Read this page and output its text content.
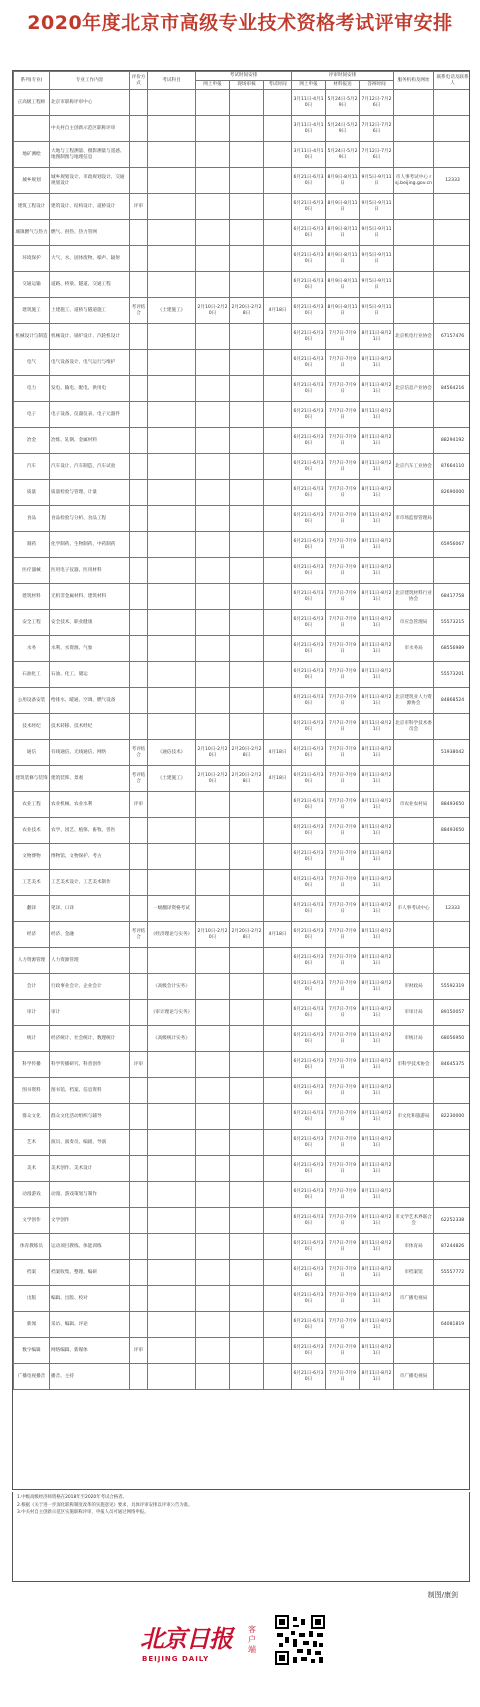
2020年度北京市高级专业技术资格考试评审安排
系列(专业)	专业工作内容	评价方式	考试科目	考试时间安排			评审时间安排			服务机构及网址	联系电话及联系人
				网上申报	现场审核	考试时间	网上申报	材料报送	答辩时间		
正高级工程师	北京市职称评审中心						3月11日-4月10日	5月24日-5月29日	7月12日-7月26日		
	中关村自主创新示范区职称评审						3月11日-4月10日	5月24日-5月29日	7月12日-7月26日		
地矿测绘	大地与工程测量、摄影测量与遥感、地图制图与地理信息						3月11日-4月10日	5月24日-5月29日	7月12日-7月26日		
城乡规划	城乡规划设计、市政规划设计、交通规划设计						6月21日-6月30日	8月9日-8月11日	9月5日-9月11日	市人事考试中心 rsj.beijing.gov.cn	12333
建筑工程设计	建筑设计、结构设计、道桥设计	评审					6月21日-6月30日	8月9日-8月11日	9月5日-9月11日		
城镇燃气与热力	燃气、供热、热力管网						6月21日-6月30日	8月9日-8月11日	9月5日-9月11日		
环境保护	大气、水、固体废物、噪声、辐射						6月21日-6月30日	8月9日-8月11日	9月5日-9月11日		
交通运输	道路、桥梁、隧道、交通工程						6月21日-6月30日	8月9日-8月11日	9月5日-9月11日		
建筑施工	土建施工、道桥与隧道施工	考评结合	《土建施工》	2月10日-2月20日	2月20日-2月28日	4月18日	6月21日-6月30日	8月9日-8月11日	9月5日-9月11日		
机械设计与制造	机械设计、锅炉设计、汽轮机设计						6月21日-6月30日	7月7日-7月9日	8月11日-8月21日	北京机电行业协会	67157476
电气	电气设备设计、电气运行与维护						6月21日-6月30日	7月7日-7月9日	8月11日-8月21日		
电力	发电、输电、配电、供用电						6月21日-6月30日	7月7日-7月9日	8月11日-8月21日	北京信息产业协会	84564216
电子	电子设备、仪器仪表、电子元器件						6月21日-6月30日	7月7日-7月9日	8月11日-8月21日		
冶金	冶炼、轧钢、金属材料						6月21日-6月30日	7月7日-7月9日	8月11日-8月21日		88294192
汽车	汽车设计、汽车制造、汽车试验						6月21日-6月30日	7月7日-7月9日	8月11日-8月21日	北京汽车工业协会	87664110
质量	质量检验与管理、计量						6月21日-6月30日	7月7日-7月9日	8月11日-8月21日		82690000
食品	食品检验与分析、食品工程						6月21日-6月30日	7月7日-7月9日	8月11日-8月21日	市市场监督管理局	
制药	化学制药、生物制药、中药制药						6月21日-6月30日	7月7日-7月9日	8月11日-8月21日		65956067
医疗器械	医用电子仪器、医用材料						6月21日-6月30日	7月7日-7月9日	8月11日-8月21日		
建筑材料	无机非金属材料、建筑材料						6月21日-6月30日	7月7日-7月9日	8月11日-8月21日	北京建筑材料行业协会	68417758
安全工程	安全技术、职业健康						6月21日-6月30日	7月7日-7月9日	8月11日-8月21日	市应急管理局	55573215
水务	水利、水资源、气象						6月21日-6月30日	7月7日-7月9日	8月11日-8月21日	市水务局	68556989
石油化工	石油、化工、储运						6月21日-6月30日	7月7日-7月9日	8月11日-8月21日		55573201
公用设备安装	给排水、暖通、空调、燃气设备						6月21日-6月30日	7月7日-7月9日	8月11日-8月21日	北京建筑业人力资源协会	84868524
技术经纪	技术转移、技术经纪						6月21日-6月30日	7月7日-7月9日	8月11日-8月21日	北京市科学技术委员会	
通信	有线通信、无线通信、网络	考评结合	《通信技术》	2月10日-2月20日	2月20日-2月28日	4月18日	6月21日-6月30日	7月7日-7月9日	8月11日-8月21日		51938042
建筑装修与装饰	建筑装饰、景观	考评结合	《土建施工》	2月10日-2月20日	2月20日-2月28日	4月18日	6月21日-6月30日	7月7日-7月9日	8月11日-8月21日		
农业工程	农业机械、农业水利	评审					6月21日-6月30日	7月7日-7月9日	8月11日-8月21日	市农业农村局	88493650
农业技术	农学、园艺、植保、畜牧、兽医						6月21日-6月30日	7月7日-7月9日	8月11日-8月21日		88493650
文物博物	博物馆、文物保护、考古						6月21日-6月30日	7月7日-7月9日	8月11日-8月21日		
工艺美术	工艺美术设计、工艺美术制作						6月21日-6月30日	7月7日-7月9日	8月11日-8月21日		
翻译	笔译、口译		一级翻译资格考试				6月21日-6月30日	7月7日-7月9日	8月11日-8月21日	市人事考试中心	12333
经济	经济、金融	考评结合	《经济理论与实务》	2月10日-2月20日	2月20日-2月28日	4月18日	6月21日-6月30日	7月7日-7月9日	8月11日-8月21日		
人力资源管理	人力资源管理						6月21日-6月30日	7月7日-7月9日	8月11日-8月21日		
会计	行政事业会计、企业会计		《高级会计实务》				6月21日-6月30日	7月7日-7月9日	8月11日-8月21日	市财政局	55592319
审计	审计		《审计理论与实务》				6月21日-6月30日	7月7日-7月9日	8月11日-8月21日	市审计局	89150057
统计	经济统计、社会统计、数理统计		《高级统计实务》				6月21日-6月30日	7月7日-7月9日	8月11日-8月21日	市统计局	68056950
科学传播	科学传播研究、科普创作	评审					6月21日-6月30日	7月7日-7月9日	8月11日-8月21日	市科学技术协会	84645375
图书资料	图书馆、档案、信息资料						6月21日-6月30日	7月7日-7月9日	8月11日-8月21日		
群众文化	群众文化活动组织与辅导						6月21日-6月30日	7月7日-7月9日	8月11日-8月21日	市文化和旅游局	82230000
艺术	演员、演奏员、编剧、导演						6月21日-6月30日	7月7日-7月9日	8月11日-8月21日		
美术	美术创作、美术设计						6月21日-6月30日	7月7日-7月9日	8月11日-8月21日		
动漫游戏	动漫、游戏策划与制作						6月21日-6月30日	7月7日-7月9日	8月11日-8月21日		
文学创作	文学创作						6月21日-6月30日	7月7日-7月9日	8月11日-8月21日	市文学艺术界联合会	62252338
体育教练员	运动项目教练、体能训练						6月21日-6月30日	7月7日-7月9日	8月11日-8月21日	市体育局	87244826
档案	档案收集、整理、编研						6月21日-6月30日	7月7日-7月9日	8月11日-8月21日	市档案馆	55557772
出版	编辑、出版、校对						6月21日-6月30日	7月7日-7月9日	8月11日-8月21日	市广播电视局	
新闻	采访、编辑、评论						6月21日-6月30日	7月7日-7月9日	8月11日-8月21日		64081819
数字编辑	网络编辑、新媒体	评审					6月21日-6月30日	7月7日-7月9日	8月11日-8月21日		
广播电视播音	播音、主持						6月21日-6月30日	7月7日-7月9日	8月11日-8月21日	市广播电视局	

1.中级高级经济师资格在2018年至2020年考试合格者。

2.根据《关于进一步深化职称制度改革的实施意见》要求，具体评审安排以评审公告为准。

3.中关村自主创新示范区实施职称评审，申报人员可通过网络申报。

制图/康剑
北京日报
BEIJING DAILY
客户端
